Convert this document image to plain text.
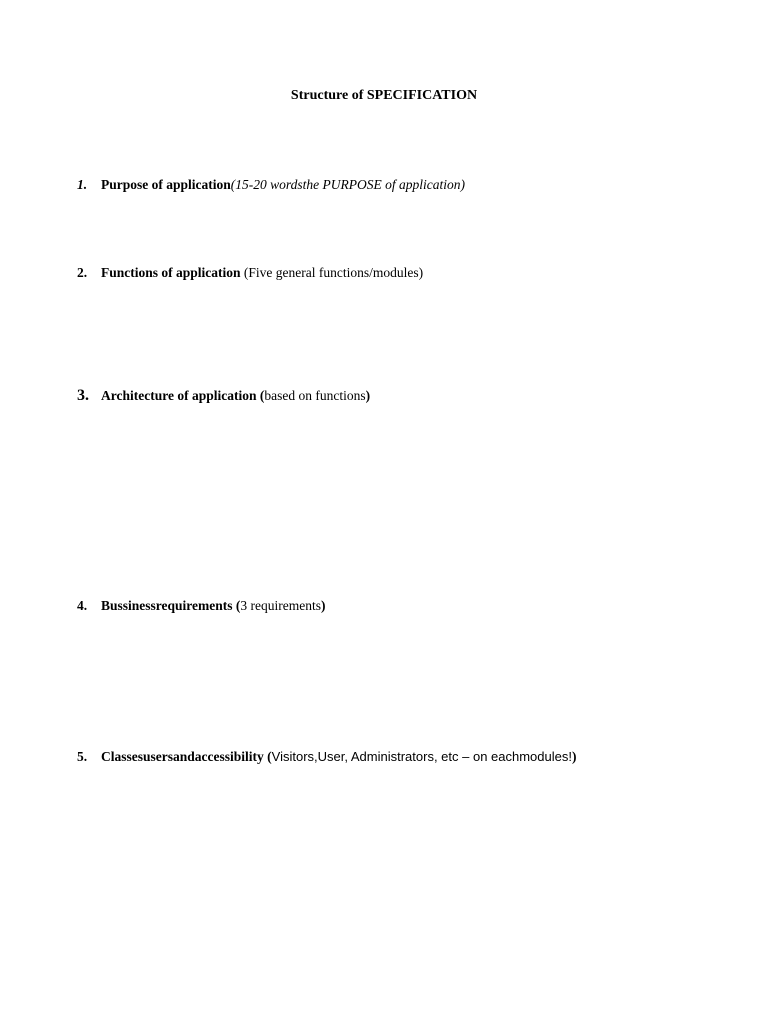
Structure of SPECIFICATION
1. Purpose of application(15-20 wordsthe PURPOSE of application)
2. Functions of application (Five general functions/modules)
3. Architecture of application (based on functions)
4. Bussinessrequirements (3 requirements)
5. Classesusersandaccessibility (Visitors,User, Administrators, etc – on eachmodules!)
